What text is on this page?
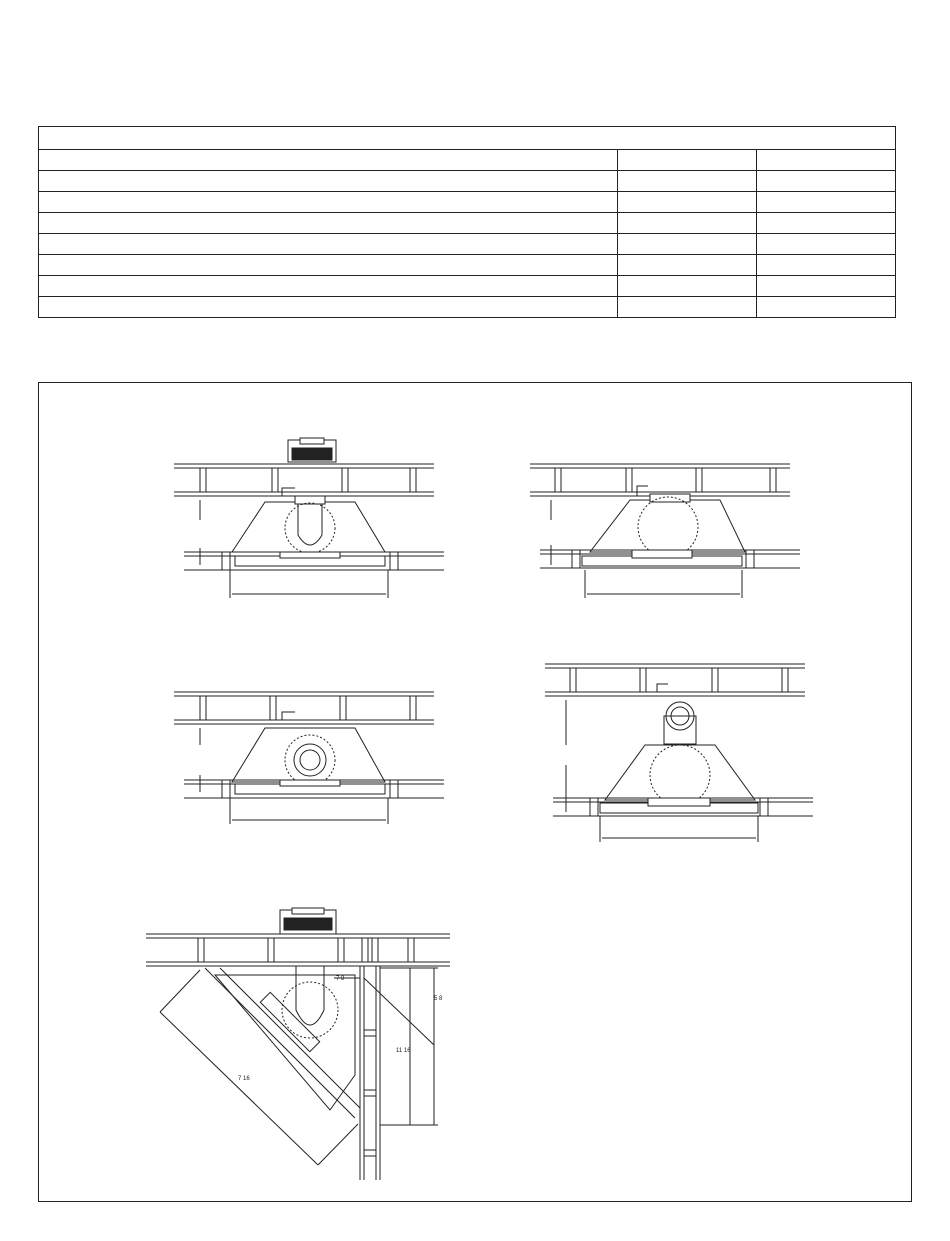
7 8
5 8
11 16
7 16
